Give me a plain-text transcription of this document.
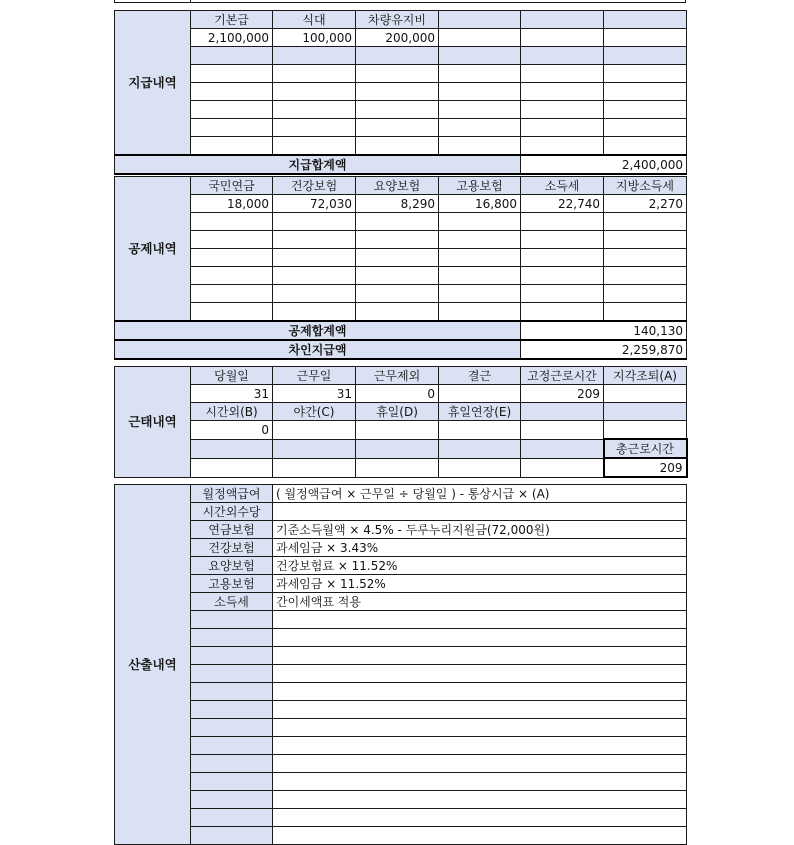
지급내역	기본급	식대	차량유지비			
	2,100,000	100,000	200,000			

지급합계액					2,400,000	
공제내역	국민연금	건강보험	요양보험	고용보험	소득세	지방소득세
	18,000	72,030	8,290	16,800	22,740	2,270

공제합계액					140,130	
차인지급액					2,259,870	
근태내역	당월일	근무일	근무제외	결근	고정근로시간	지각조퇴(A)
	31	31	0		209	
	시간외(B)	야간(C)	휴일(D)	휴일연장(E)		
	0					
						총근로시간
						209
산출내역	월정액급여	( 월정액급여 × 근무일 ÷ 당월일 ) - 통상시급 × (A)
	시간외수당	
	연금보험	기준소득월액 × 4.5% - 두루누리지원금(72,000원)
	건강보험	과세임금 × 3.43%
	요양보험	건강보험료 × 11.52%
	고용보험	과세임금 × 11.52%
	소득세	간이세액표 적용
